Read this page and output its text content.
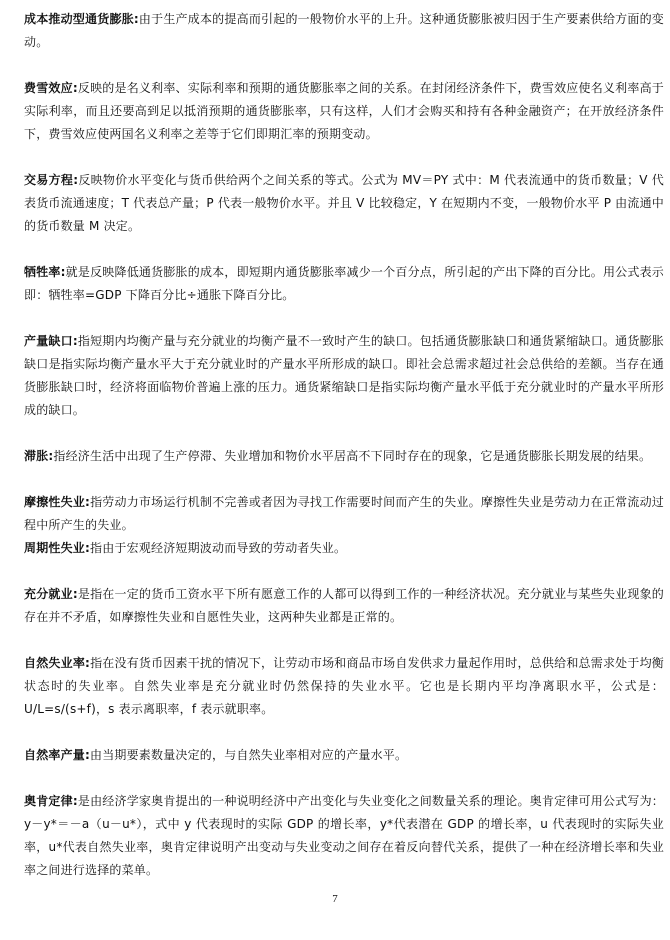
成本推动型通货膨胀:由于生产成本的提高而引起的一般物价水平的上升。这种通货膨胀被归因于生产要素供给方面的变动。

费雪效应:反映的是名义利率、实际利率和预期的通货膨胀率之间的关系。在封闭经济条件下，费雪效应使名义利率高于实际利率，而且还要高到足以抵消预期的通货膨胀率，只有这样，人们才会购买和持有各种金融资产；在开放经济条件下，费雪效应使两国名义利率之差等于它们即期汇率的预期变动。

交易方程:反映物价水平变化与货币供给两个之间关系的等式。公式为 MV＝PY 式中：M 代表流通中的货币数量；V 代表货币流通速度；T 代表总产量；P 代表一般物价水平。并且 V 比较稳定，Y 在短期内不变，一般物价水平 P 由流通中的货币数量 M 决定。

牺牲率:就是反映降低通货膨胀的成本，即短期内通货膨胀率减少一个百分点，所引起的产出下降的百分比。用公式表示即：牺牲率=GDP 下降百分比÷通胀下降百分比。

产量缺口:指短期内均衡产量与充分就业的均衡产量不一致时产生的缺口。包括通货膨胀缺口和通货紧缩缺口。通货膨胀缺口是指实际均衡产量水平大于充分就业时的产量水平所形成的缺口。即社会总需求超过社会总供给的差额。当存在通货膨胀缺口时，经济将面临物价普遍上涨的压力。通货紧缩缺口是指实际均衡产量水平低于充分就业时的产量水平所形成的缺口。

滞胀:指经济生活中出现了生产停滞、失业增加和物价水平居高不下同时存在的现象，它是通货膨胀长期发展的结果。

摩擦性失业:指劳动力市场运行机制不完善或者因为寻找工作需要时间而产生的失业。摩擦性失业是劳动力在正常流动过程中所产生的失业。

周期性失业:指由于宏观经济短期波动而导致的劳动者失业。

充分就业:是指在一定的货币工资水平下所有愿意工作的人都可以得到工作的一种经济状况。充分就业与某些失业现象的存在并不矛盾，如摩擦性失业和自愿性失业，这两种失业都是正常的。

自然失业率:指在没有货币因素干扰的情况下，让劳动市场和商品市场自发供求力量起作用时，总供给和总需求处于均衡状态时的失业率。自然失业率是充分就业时仍然保持的失业水平。它也是长期内平均净离职水平，公式是：U/L=s/(s+f)，s 表示离职率，f 表示就职率。

自然率产量:由当期要素数量决定的，与自然失业率相对应的产量水平。

奥肯定律:是由经济学家奥肯提出的一种说明经济中产出变化与失业变化之间数量关系的理论。奥肯定律可用公式写为：y－y*＝－a（u－u*），式中 y 代表现时的实际 GDP 的增长率，y*代表潜在 GDP 的增长率，u 代表现时的实际失业率，u*代表自然失业率，奥肯定律说明产出变动与失业变动之间存在着反向替代关系，提供了一种在经济增长率和失业率之间进行选择的菜单。

7
